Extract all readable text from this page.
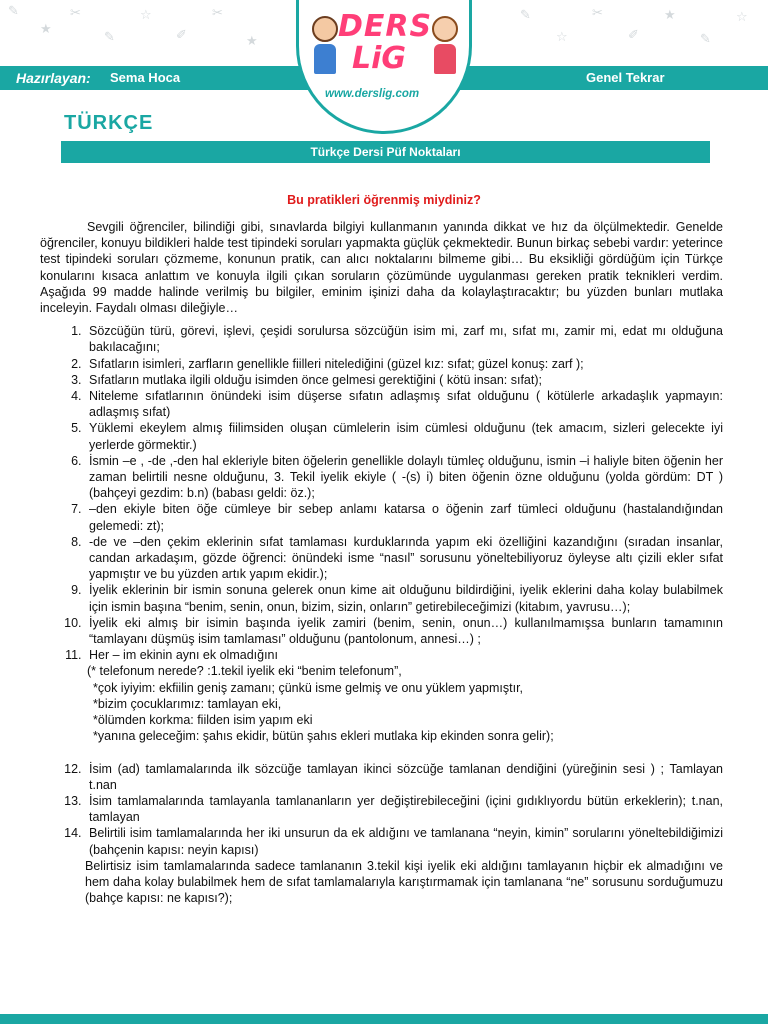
✎
★
✂
✎
☆
✐
✂
★
✎
☆
✂
✐
★
✎
☆
Hazırlayan: Sema Hoca	Genel Tekrar
DERS
LiG
www.derslig.com
TÜRKÇE
Türkçe Dersi Püf Noktaları
Bu pratikleri öğrenmiş miydiniz?

Sevgili öğrenciler, bilindiği gibi, sınavlarda bilgiyi kullanmanın yanında dikkat ve hız da ölçülmektedir. Genelde öğrenciler, konuyu bildikleri halde test tipindeki soruları yapmakta güçlük çekmektedir. Bunun birkaç sebebi vardır: yeterince test tipindeki soruları çözmeme, konunun pratik, can alıcı noktalarını bilmeme gibi… Bu eksikliği gördüğüm için Türkçe konularını kısaca anlattım ve konuyla ilgili çıkan soruların çözümünde uygulanması gereken pratik teknikleri verdim. Aşağıda 99 madde halinde verilmiş bu bilgiler, eminim işinizi daha da kolaylaştıracaktır; bu yüzden bunları mutlaka inceleyin. Faydalı olması dileğiyle…

1. Sözcüğün türü, görevi, işlevi, çeşidi sorulursa sözcüğün isim mi, zarf mı, sıfat mı, zamir mi, edat mı olduğuna bakılacağını;
2. Sıfatların isimleri, zarfların genellikle fiilleri nitelediğini (güzel kız: sıfat; güzel konuş: zarf );
3. Sıfatların mutlaka ilgili olduğu isimden önce gelmesi gerektiğini ( kötü insan: sıfat);
4. Niteleme sıfatlarının önündeki isim düşerse sıfatın adlaşmış sıfat olduğunu ( kötülerle arkadaşlık yapmayın: adlaşmış sıfat)
5. Yüklemi ekeylem almış fiilimsiden oluşan cümlelerin isim cümlesi olduğunu (tek amacım, sizleri gelecekte iyi yerlerde görmektir.)
6. İsmin –e , -de ,-den hal ekleriyle biten öğelerin genellikle dolaylı tümleç olduğunu, ismin –i haliyle biten öğenin her zaman belirtili nesne olduğunu, 3. Tekil iyelik ekiyle ( -(s) i) biten öğenin özne olduğunu (yolda gördüm: DT ) (bahçeyi gezdim: b.n) (babası geldi: öz.);
7. –den ekiyle biten öğe cümleye bir sebep anlamı katarsa o öğenin zarf tümleci olduğunu (hastalandığından gelemedi: zt);
8. -de ve –den çekim eklerinin sıfat tamlaması kurduklarında yapım eki özelliğini kazandığını (sıradan insanlar, candan arkadaşım, gözde öğrenci: önündeki isme “nasıl” sorusunu yöneltebiliyoruz öyleyse altı çizili ekler sıfat yapmıştır ve bu yüzden artık yapım ekidir.);
9. İyelik eklerinin bir ismin sonuna gelerek onun kime ait olduğunu bildirdiğini, iyelik eklerini daha kolay bulabilmek için ismin başına “benim, senin, onun, bizim, sizin, onların” getirebileceğimizi (kitabım, yavrusu…);
10. İyelik eki almış bir isimin başında iyelik zamiri (benim, senin, onun…) kullanılmamışsa bunların tamamının “tamlayanı düşmüş isim tamlaması” olduğunu (pantolonum, annesi…) ;
11. Her – im ekinin aynı ek olmadığını
(* telefonum nerede? :1.tekil iyelik eki “benim telefonum”,
*çok iyiyim: ekfiilin geniş zamanı; çünkü isme gelmiş ve onu yüklem yapmıştır,
*bizim çocuklarımız: tamlayan eki,
*ölümden korkma: fiilden isim yapım eki
*yanına geleceğim: şahıs ekidir, bütün şahıs ekleri mutlaka kip ekinden sonra gelir);
12. İsim (ad) tamlamalarında ilk sözcüğe tamlayan ikinci sözcüğe tamlanan dendiğini (yüreğinin sesi ) ; Tamlayan t.nan
13. İsim tamlamalarında tamlayanla tamlananların yer değiştirebileceğini (içini gıdıklıyordu bütün erkeklerin); t.nan, tamlayan
14. Belirtili isim tamlamalarında her iki unsurun da ek aldığını ve tamlanana “neyin, kimin” sorularını yöneltebildiğimizi (bahçenin kapısı: neyin kapısı)

Belirtisiz isim tamlamalarında sadece tamlananın 3.tekil kişi iyelik eki aldığını tamlayanın hiçbir ek almadığını ve hem daha kolay bulabilmek hem de sıfat tamlamalarıyla karıştırmamak için tamlanana “ne” sorusunu sorduğumuzu (bahçe kapısı: ne kapısı?);
